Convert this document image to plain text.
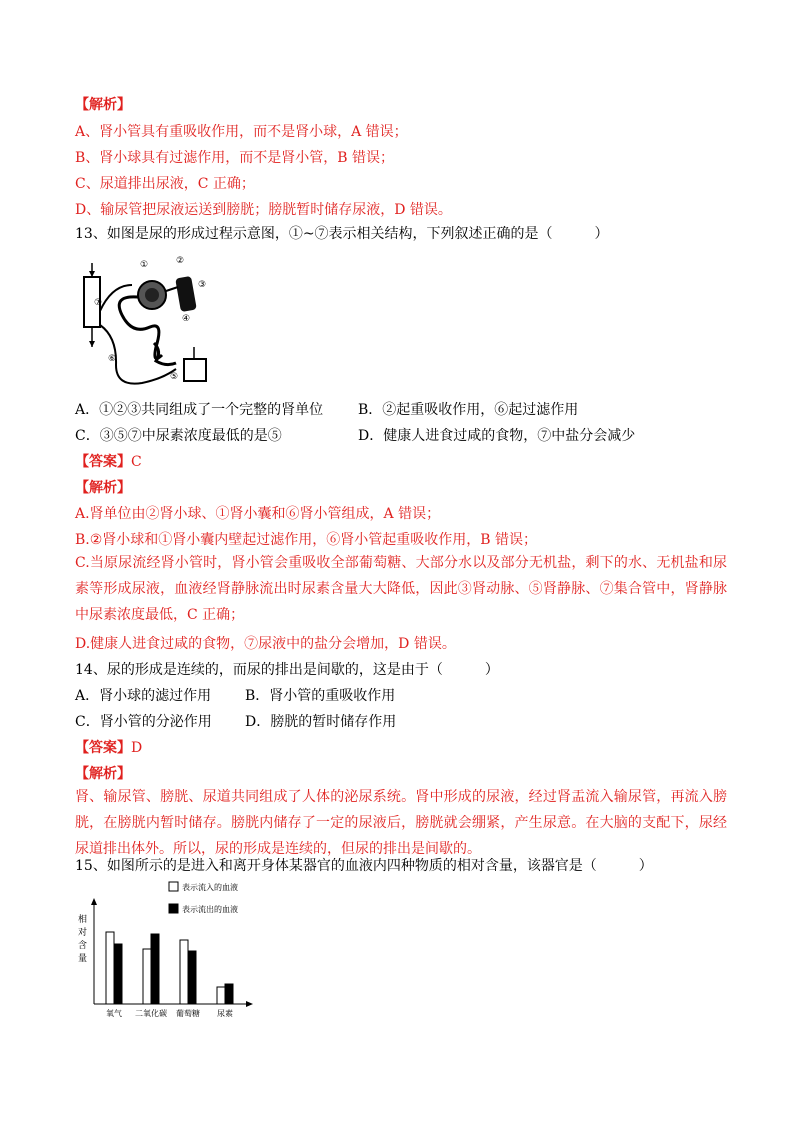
【解析】
A、肾小管具有重吸收作用，而不是肾小球，A 错误；
B、肾小球具有过滤作用，而不是肾小管，B 错误；
C、尿道排出尿液，C 正确；
D、输尿管把尿液运送到膀胱；膀胱暂时储存尿液，D 错误。
13、如图是尿的形成过程示意图，①~⑦表示相关结构，下列叙述正确的是（　　　）
①	②
③
④
⑤
⑥
⑦
A．①②③共同组成了一个完整的肾单位 B．②起重吸收作用，⑥起过滤作用
C．③⑤⑦中尿素浓度最低的是⑤	D．健康人进食过咸的食物，⑦中盐分会减少
【答案】C
【解析】
A.肾单位由②肾小球、①肾小囊和⑥肾小管组成，A 错误；
B.②肾小球和①肾小囊内壁起过滤作用，⑥肾小管起重吸收作用，B 错误；
C.当原尿流经肾小管时，肾小管会重吸收全部葡萄糖、大部分水以及部分无机盐，剩下的水、无机盐和尿素等形成尿液，血液经肾静脉流出时尿素含量大大降低，因此③肾动脉、⑤肾静脉、⑦集合管中，肾静脉中尿素浓度最低，C 正确；
D.健康人进食过咸的食物，⑦尿液中的盐分会增加，D 错误。
14、尿的形成是连续的，而尿的排出是间歇的，这是由于（　　　）
A．肾小球的滤过作用 B．肾小管的重吸收作用
C．肾小管的分泌作用 D．膀胱的暂时储存作用
【答案】D
【解析】
肾、输尿管、膀胱、尿道共同组成了人体的泌尿系统。肾中形成的尿液，经过肾盂流入输尿管，再流入膀胱，在膀胱内暂时储存。膀胱内储存了一定的尿液后，膀胱就会绷紧，产生尿意。在大脑的支配下，尿经尿道排出体外。所以，尿的形成是连续的，但尿的排出是间歇的。
15、如图所示的是进入和离开身体某器官的血液内四种物质的相对含量，该器官是（　　　）
表示流入的血液
表示流出的血液
相
对
含
量
氧气 二氧化碳 葡萄糖 尿素
